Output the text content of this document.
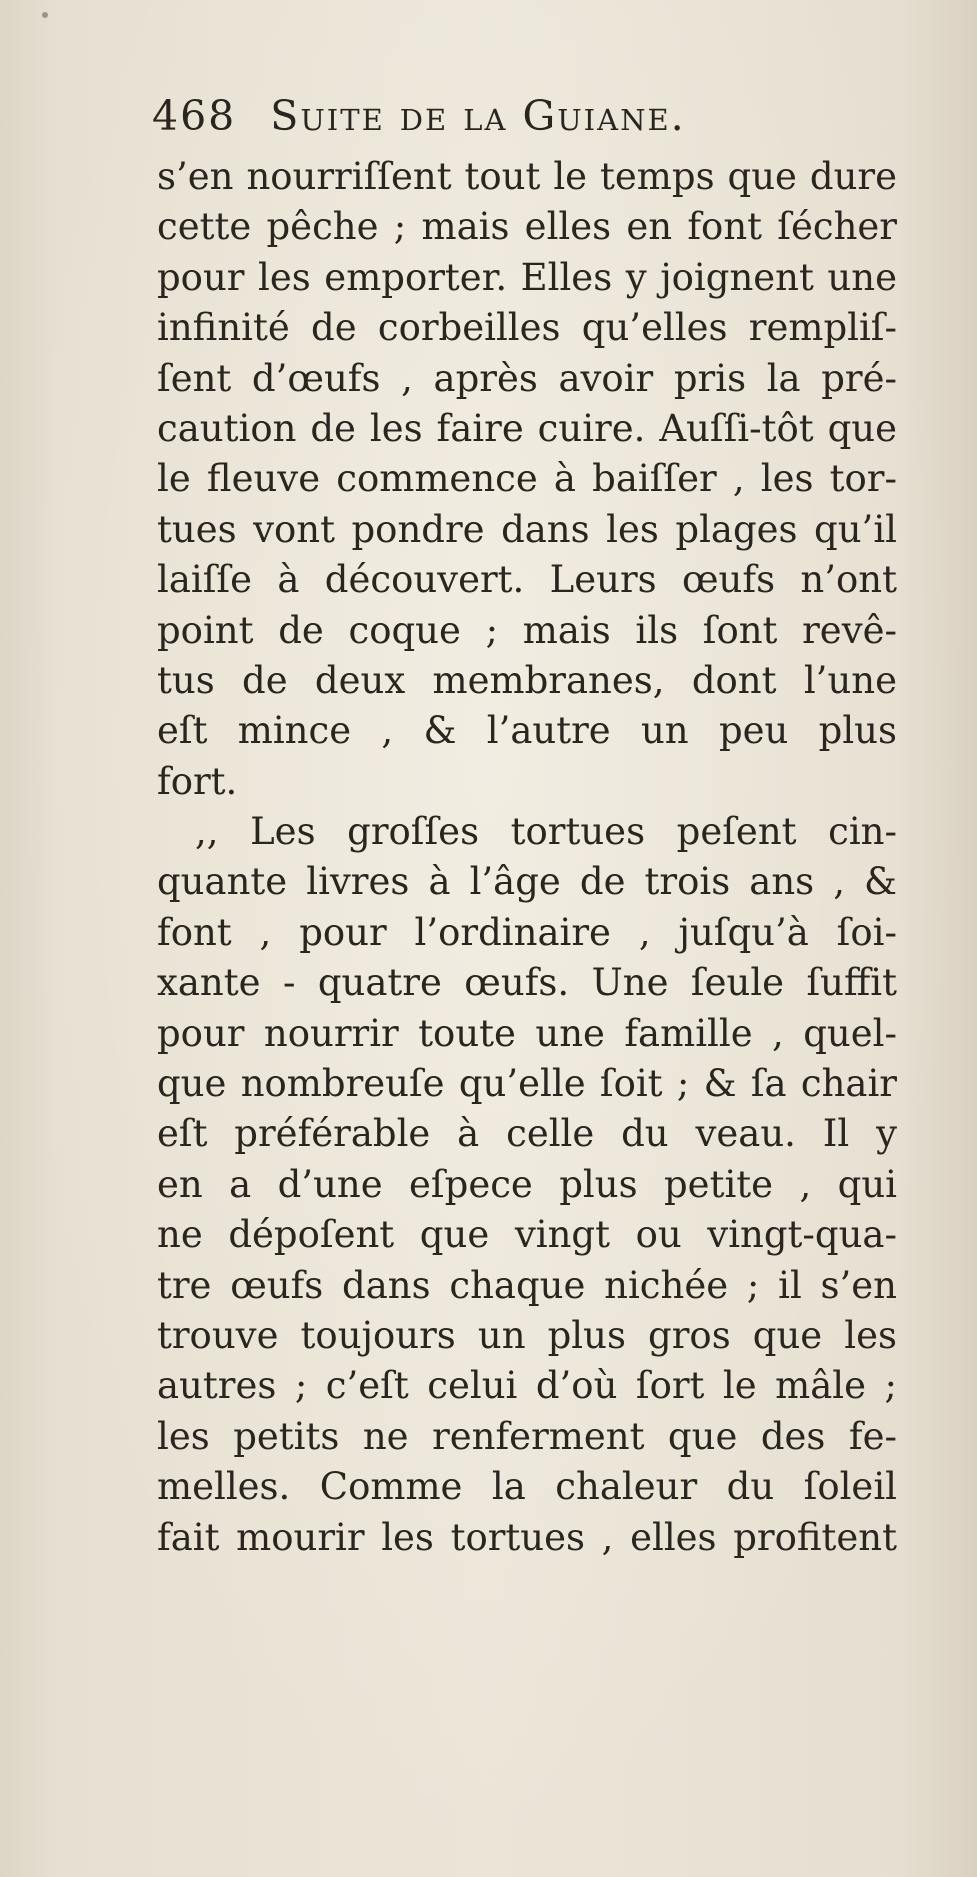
468 Suite de la Guiane.
s’en nourriſſent tout le temps que dure
cette pêche ; mais elles en font ſécher
pour les emporter. Elles y joignent une
infinité de corbeilles qu’elles rempliſ-
ſent d’œufs , après avoir pris la pré-
caution de les faire cuire. Auſſi-tôt que
le fleuve commence à baiſſer , les tor-
tues vont pondre dans les plages qu’il
laiſſe à découvert. Leurs œufs n’ont
point de coque ; mais ils ſont revê-
tus de deux membranes, dont l’une
eſt mince , & l’autre un peu plus
fort.
,, Les groſſes tortues peſent cin-
quante livres à l’âge de trois ans , &
font , pour l’ordinaire , juſqu’à ſoi-
xante - quatre œufs. Une ſeule ſuffit
pour nourrir toute une famille , quel-
que nombreuſe qu’elle ſoit ; & ſa chair
eſt préférable à celle du veau. Il y
en a d’une eſpece plus petite , qui
ne dépoſent que vingt ou vingt-qua-
tre œufs dans chaque nichée ; il s’en
trouve toujours un plus gros que les
autres ; c’eſt celui d’où ſort le mâle ;
les petits ne renferment que des fe-
melles. Comme la chaleur du ſoleil
fait mourir les tortues , elles profitent
